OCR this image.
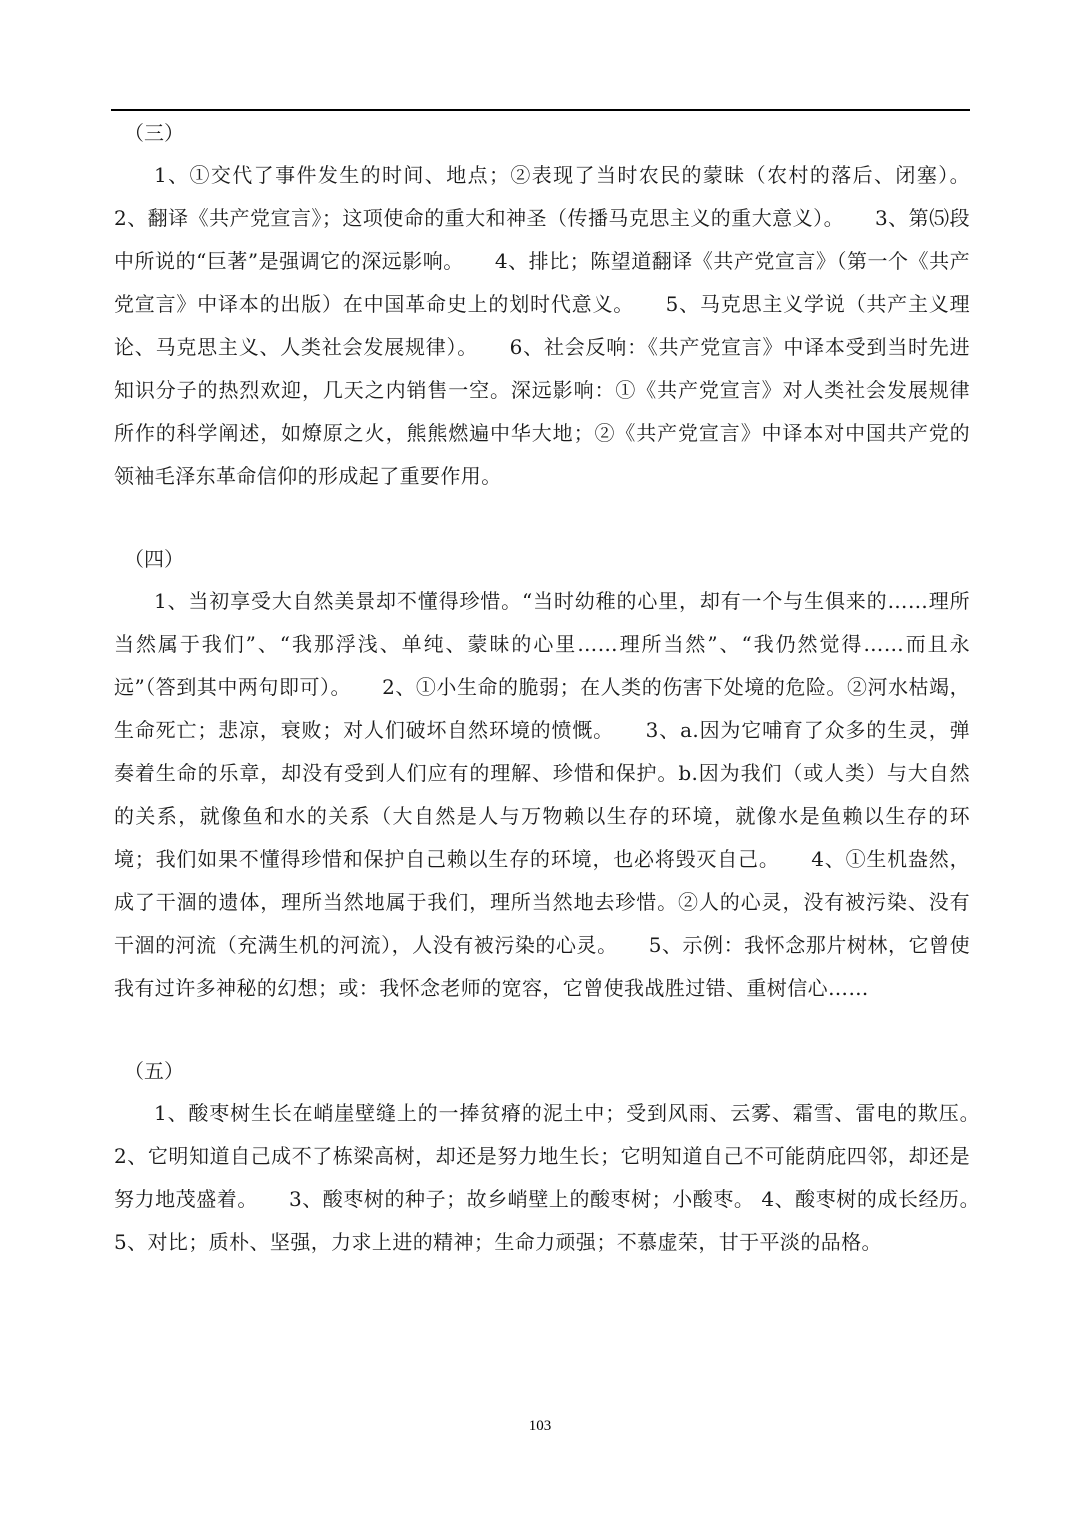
（三）

1、①交代了事件发生的时间、地点；②表现了当时农民的蒙昧（农村的落后、闭塞）。 2、翻译《共产党宣言》；这项使命的重大和神圣（传播马克思主义的重大意义）。　　3、第⑸段中所说的“巨著”是强调它的深远影响。　　4、排比；陈望道翻译《共产党宣言》（第一个《共产党宣言》中译本的出版）在中国革命史上的划时代意义。　　5、马克思主义学说（共产主义理论、马克思主义、人类社会发展规律）。　　6、社会反响：《共产党宣言》中译本受到当时先进知识分子的热烈欢迎，几天之内销售一空。深远影响：①《共产党宣言》对人类社会发展规律所作的科学阐述，如燎原之火，熊熊燃遍中华大地；②《共产党宣言》中译本对中国共产党的领袖毛泽东革命信仰的形成起了重要作用。

（四）

1、当初享受大自然美景却不懂得珍惜。“当时幼稚的心里，却有一个与生俱来的……理所当然属于我们”、“我那浮浅、单纯、蒙昧的心里……理所当然”、“我仍然觉得……而且永远”（答到其中两句即可）。　　2、①小生命的脆弱；在人类的伤害下处境的危险。②河水枯竭，生命死亡；悲凉，衰败；对人们破坏自然环境的愤慨。　　3、a.因为它哺育了众多的生灵，弹奏着生命的乐章，却没有受到人们应有的理解、珍惜和保护。b.因为我们（或人类）与大自然的关系，就像鱼和水的关系（大自然是人与万物赖以生存的环境，就像水是鱼赖以生存的环境；我们如果不懂得珍惜和保护自己赖以生存的环境，也必将毁灭自己。　　4、①生机盎然，成了干涸的遗体，理所当然地属于我们，理所当然地去珍惜。②人的心灵，没有被污染、没有干涸的河流（充满生机的河流），人没有被污染的心灵。　　5、示例：我怀念那片树林，它曾使我有过许多神秘的幻想；或：我怀念老师的宽容，它曾使我战胜过错、重树信心……

（五）

1、酸枣树生长在峭崖壁缝上的一捧贫瘠的泥土中；受到风雨、云雾、霜雪、雷电的欺压。　　2、它明知道自己成不了栋梁高树，却还是努力地生长；它明知道自己不可能荫庇四邻，却还是努力地茂盛着。　　3、酸枣树的种子；故乡峭壁上的酸枣树；小酸枣。 4、酸枣树的成长经历。　　5、对比；质朴、坚强，力求上进的精神；生命力顽强；不慕虚荣，甘于平淡的品格。

103
